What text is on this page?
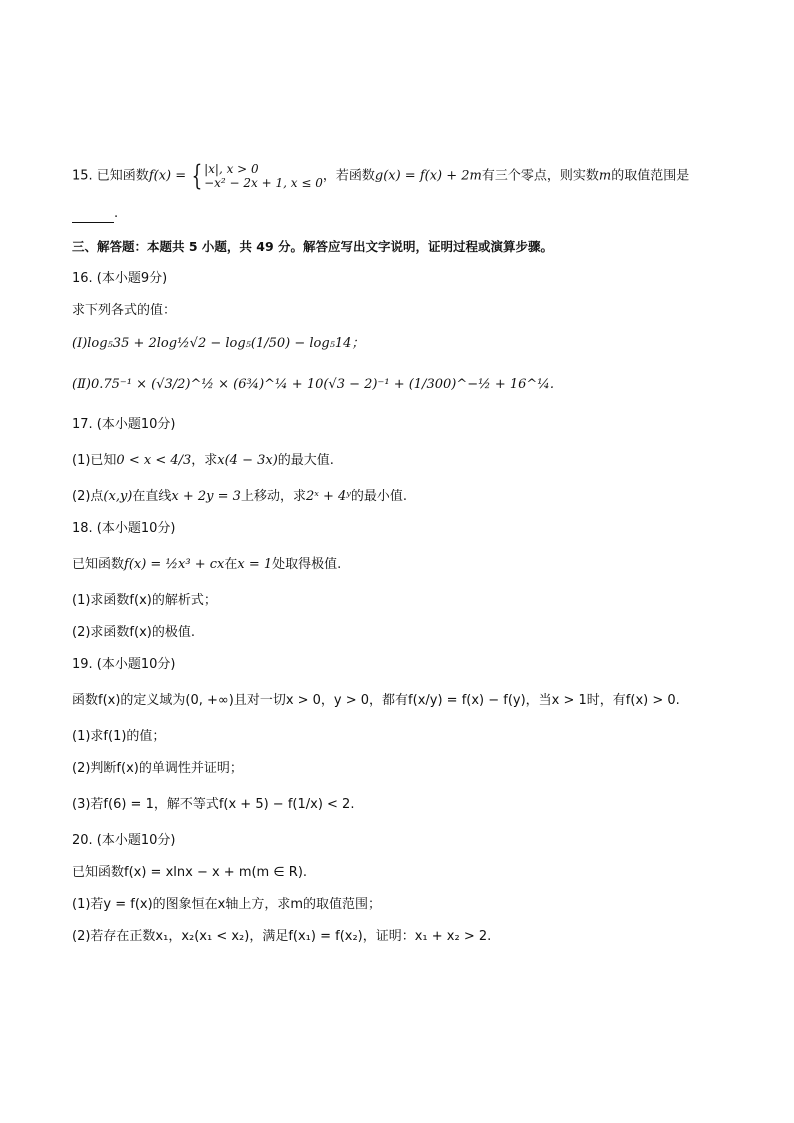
15. 已知函数f(x) = { |x|, x > 0
−x² − 2x + 1, x ≤ 0 ，若函数g(x) = f(x) + 2m有三个零点，则实数m的取值范围是
.
三、解答题：本题共 5 小题，共 49 分。解答应写出文字说明，证明过程或演算步骤。
16. (本小题9分)
求下列各式的值：
(Ⅰ)log₅35 + 2log½√2 − log₅(1/50) − log₅14；
(Ⅱ)0.75⁻¹ × (√3/2)^½ × (6¾)^¼ + 10(√3 − 2)⁻¹ + (1/300)^−½ + 16^¼.
17. (本小题10分)
(1)已知0 < x < 4/3，求x(4 − 3x)的最大值.
(2)点(x,y)在直线x + 2y = 3上移动，求2ˣ + 4ʸ的最小值.
18. (本小题10分)
已知函数f(x) = ½x³ + cx在x = 1处取得极值.
(1)求函数f(x)的解析式；
(2)求函数f(x)的极值.
19. (本小题10分)
函数f(x)的定义域为(0, +∞)且对一切x > 0，y > 0，都有f(x/y) = f(x) − f(y)，当x > 1时，有f(x) > 0.
(1)求f(1)的值；
(2)判断f(x)的单调性并证明；
(3)若f(6) = 1，解不等式f(x + 5) − f(1/x) < 2.
20. (本小题10分)
已知函数f(x) = xlnx − x + m(m ∈ R).
(1)若y = f(x)的图象恒在x轴上方，求m的取值范围；
(2)若存在正数x₁，x₂(x₁ < x₂)，满足f(x₁) = f(x₂)，证明：x₁ + x₂ > 2.
